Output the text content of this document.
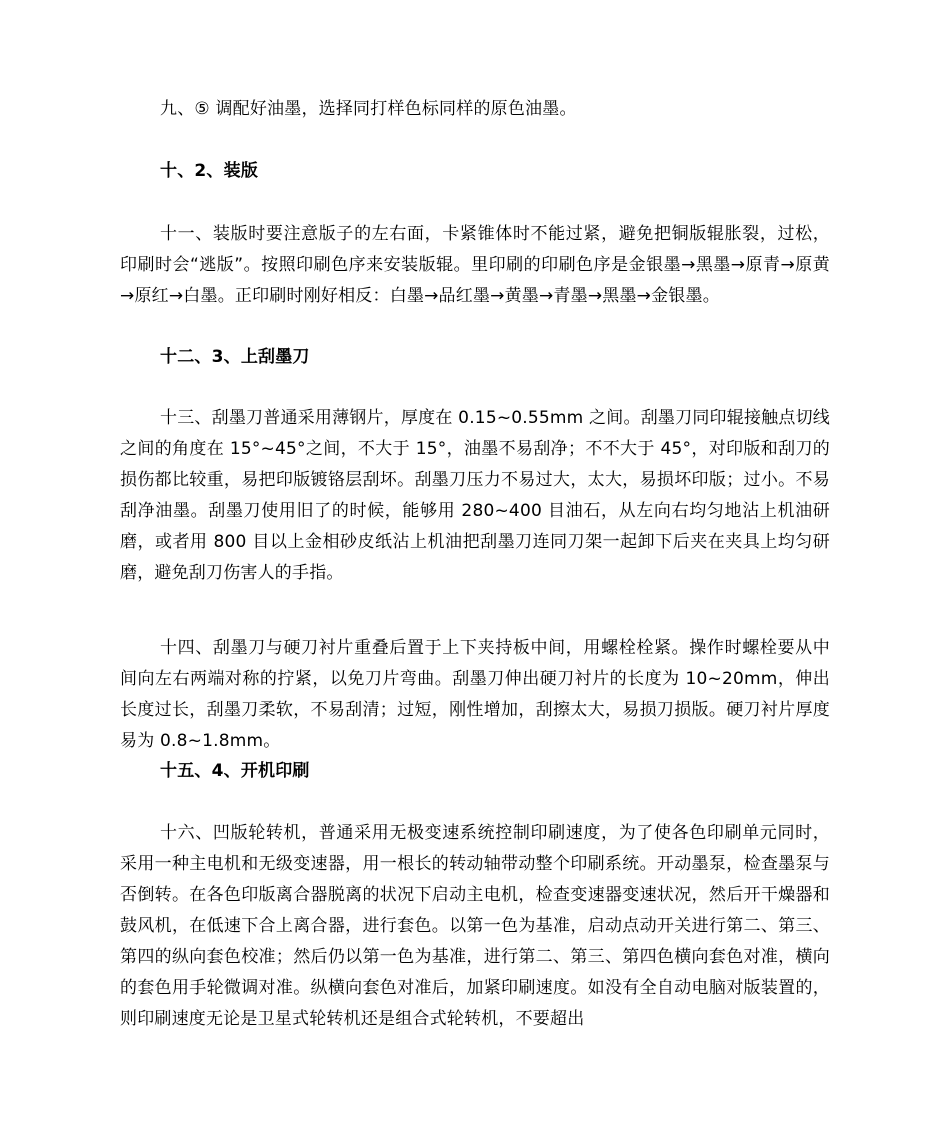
九、⑤ 调配好油墨，选择同打样色标同样的原色油墨。

十、2、装版

十一、装版时要注意版子的左右面，卡紧锥体时不能过紧，避免把铜版辊胀裂，过松，印刷时会“逃版”。按照印刷色序来安装版辊。里印刷的印刷色序是金银墨→黑墨→原青→原黄→原红→白墨。正印刷时刚好相反：白墨→品红墨→黄墨→青墨→黑墨→金银墨。

十二、3、上刮墨刀

十三、刮墨刀普通采用薄钢片，厚度在 0.15~0.55mm 之间。刮墨刀同印辊接触点切线之间的角度在 15°~45°之间，不大于 15°，油墨不易刮净；不不大于 45°，对印版和刮刀的损伤都比较重，易把印版镀铬层刮坏。刮墨刀压力不易过大，太大，易损坏印版；过小。不易刮净油墨。刮墨刀使用旧了的时候，能够用 280~400 目油石，从左向右均匀地沾上机油研磨，或者用 800 目以上金相砂皮纸沾上机油把刮墨刀连同刀架一起卸下后夹在夹具上均匀研磨，避免刮刀伤害人的手指。

十四、刮墨刀与硬刀衬片重叠后置于上下夹持板中间，用螺栓栓紧。操作时螺栓要从中间向左右两端对称的拧紧，以免刀片弯曲。刮墨刀伸出硬刀衬片的长度为 10~20mm，伸出长度过长，刮墨刀柔软，不易刮清；过短，刚性增加，刮擦太大，易损刀损版。硬刀衬片厚度易为 0.8~1.8mm。

十五、4、开机印刷

十六、凹版轮转机，普通采用无极变速系统控制印刷速度，为了使各色印刷单元同时，采用一种主电机和无级变速器，用一根长的转动轴带动整个印刷系统。开动墨泵，检查墨泵与否倒转。在各色印版离合器脱离的状况下启动主电机，检查变速器变速状况，然后开干燥器和鼓风机，在低速下合上离合器，进行套色。以第一色为基准，启动点动开关进行第二、第三、第四的纵向套色校准；然后仍以第一色为基准，进行第二、第三、第四色横向套色对准，横向的套色用手轮微调对准。纵横向套色对准后，加紧印刷速度。如没有全自动电脑对版装置的，则印刷速度无论是卫星式轮转机还是组合式轮转机，不要超出
